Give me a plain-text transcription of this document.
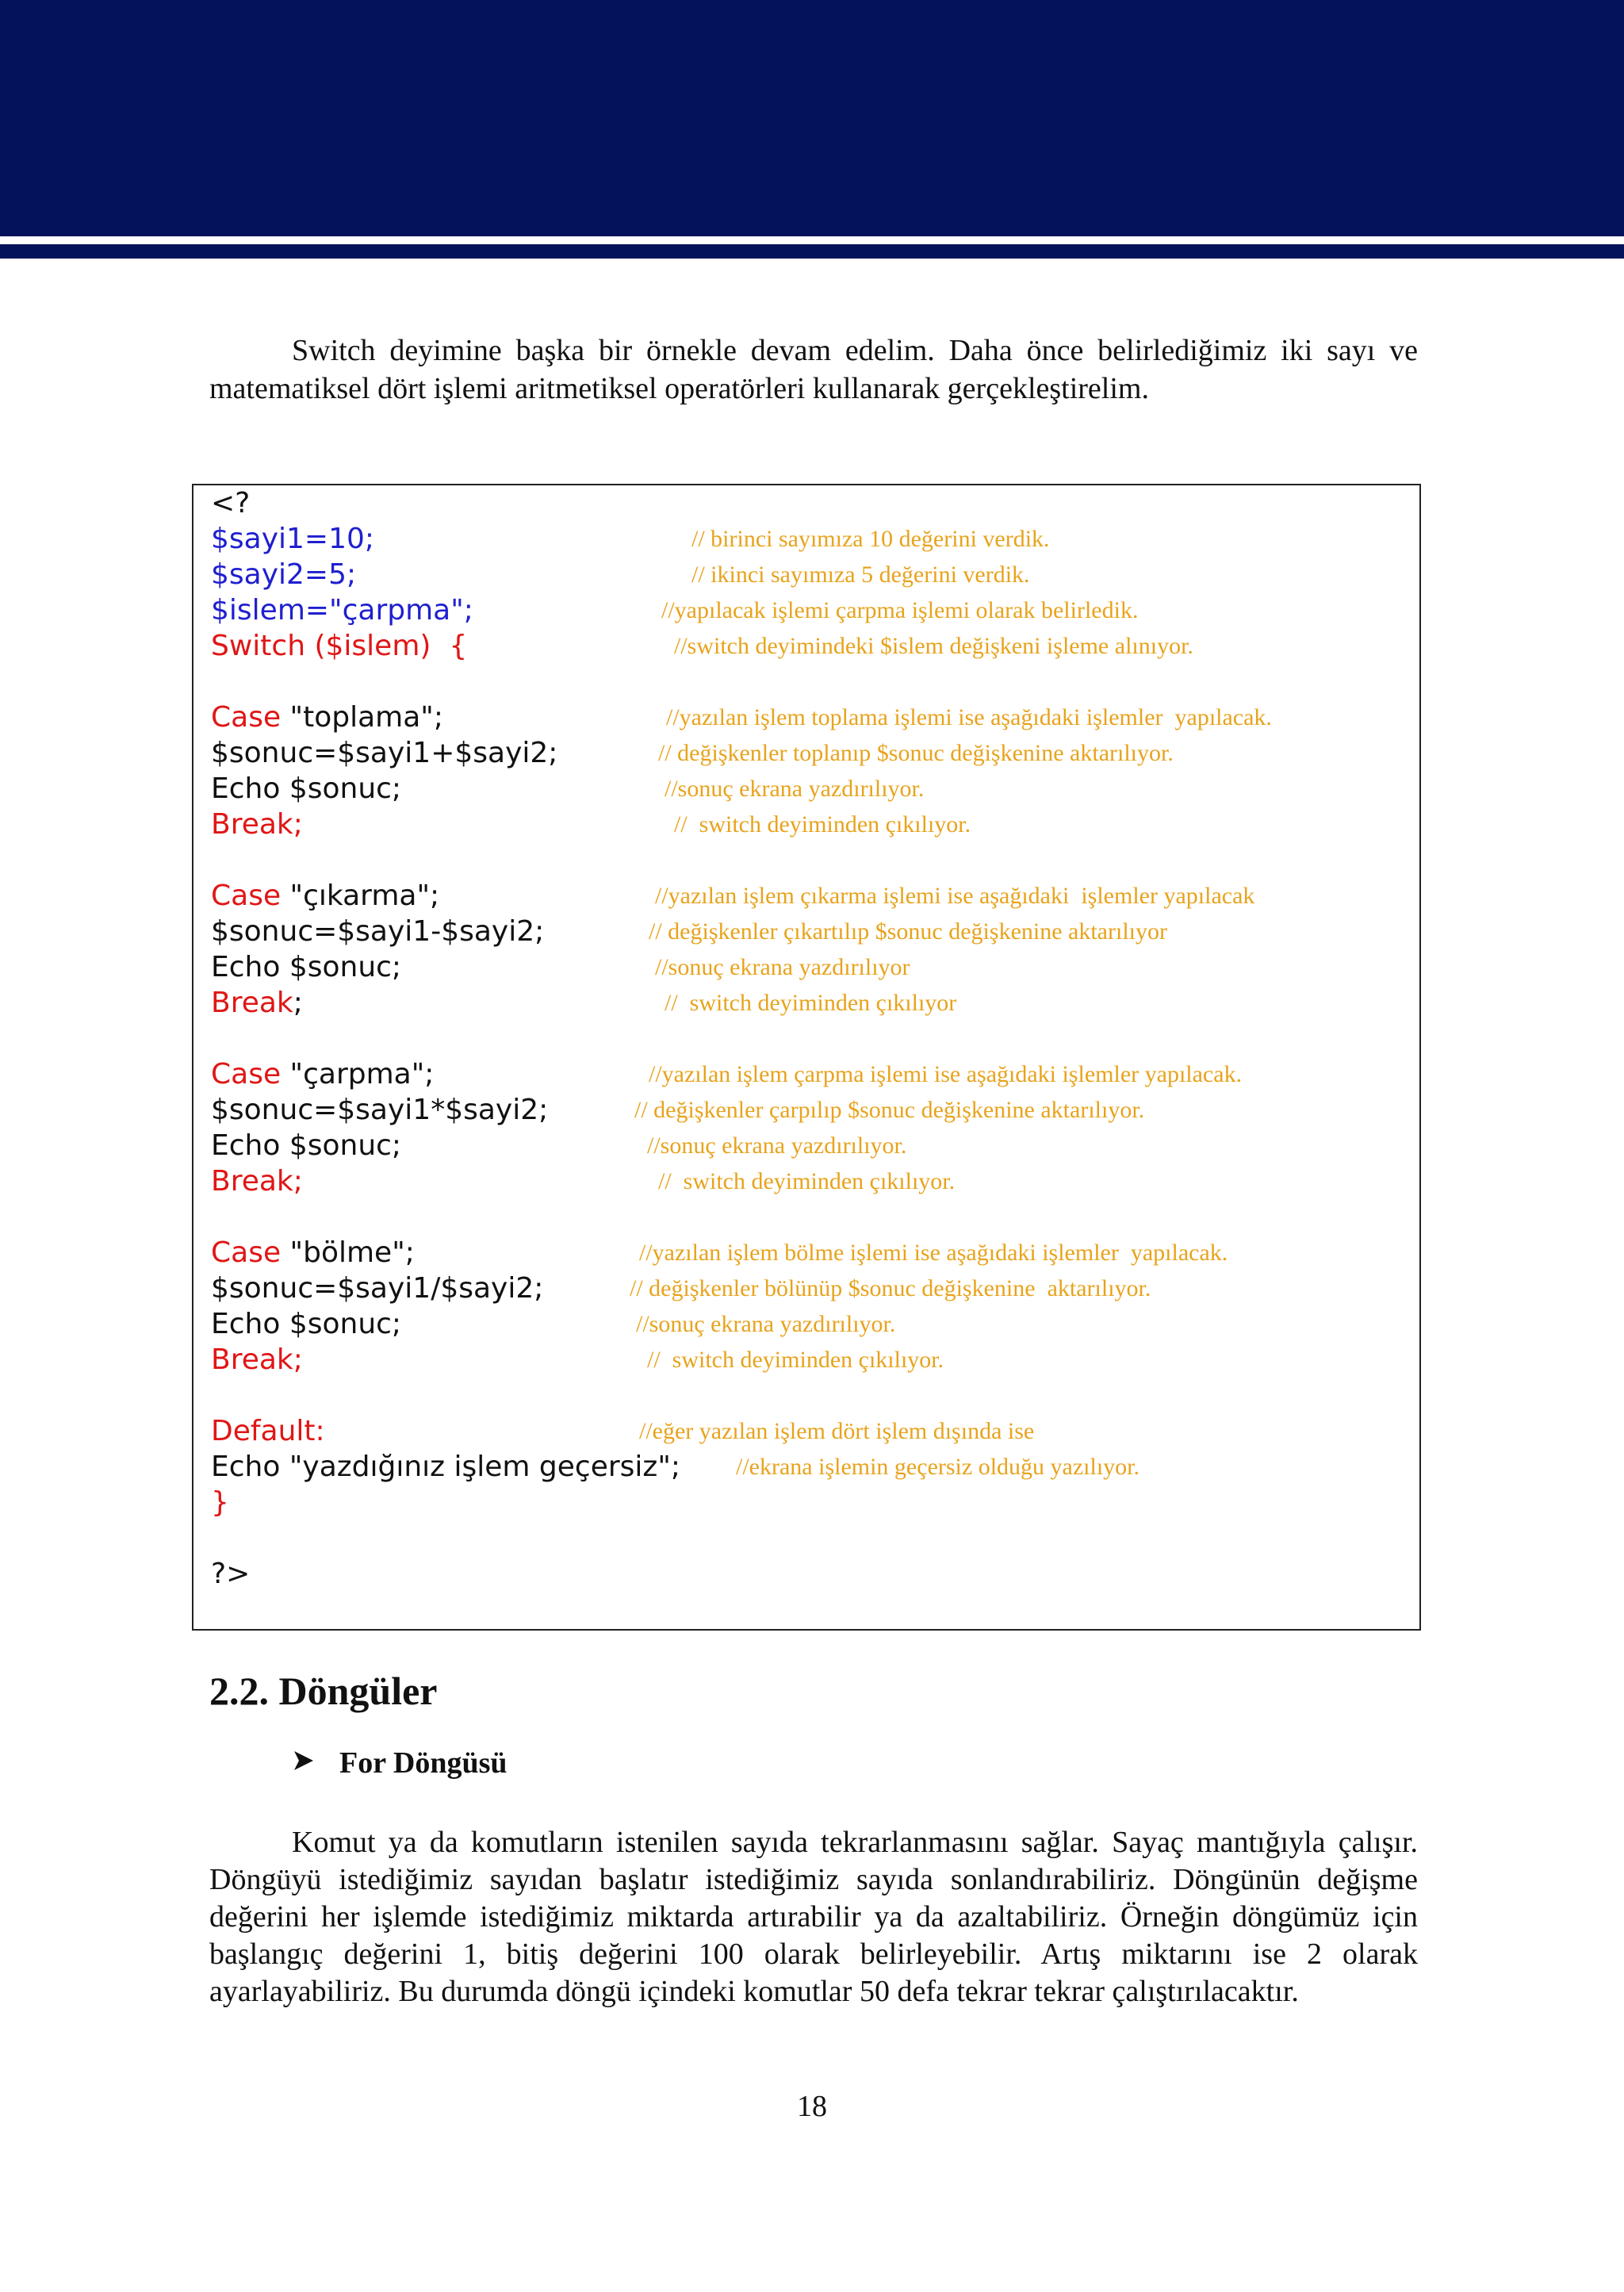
Switch deyimine başka bir örnekle devam edelim. Daha önce belirlediğimiz iki sayı ve matematiksel dört işlemi aritmetiksel operatörleri kullanarak gerçekleştirelim.

<?
$sayi1=10;	// birinci sayımıza 10 değerini verdik.
$sayi2=5;	// ikinci sayımıza 5 değerini verdik.
$islem="çarpma";	//yapılacak işlemi çarpma işlemi olarak belirledik.
Switch ($islem)  {	//switch deyimindeki $islem değişkeni işleme alınıyor.
Case "toplama";	//yazılan işlem toplama işlemi ise aşağıdaki işlemler  yapılacak.
$sonuc=$sayi1+$sayi2;	// değişkenler toplanıp $sonuc değişkenine aktarılıyor.
Echo $sonuc;	//sonuç ekrana yazdırılıyor.
Break;	//  switch deyiminden çıkılıyor.
Case "çıkarma";	//yazılan işlem çıkarma işlemi ise aşağıdaki  işlemler yapılacak
$sonuc=$sayi1-$sayi2;	// değişkenler çıkartılıp $sonuc değişkenine aktarılıyor
Echo $sonuc;	//sonuç ekrana yazdırılıyor
Break;	//  switch deyiminden çıkılıyor
Case "çarpma";	//yazılan işlem çarpma işlemi ise aşağıdaki işlemler yapılacak.
$sonuc=$sayi1*$sayi2;	// değişkenler çarpılıp $sonuc değişkenine aktarılıyor.
Echo $sonuc;	//sonuç ekrana yazdırılıyor.
Break;	//  switch deyiminden çıkılıyor.
Case "bölme";	//yazılan işlem bölme işlemi ise aşağıdaki işlemler  yapılacak.
$sonuc=$sayi1/$sayi2;	// değişkenler bölünüp $sonuc değişkenine  aktarılıyor.
Echo $sonuc;	//sonuç ekrana yazdırılıyor.
Break;	//  switch deyiminden çıkılıyor.
Default:	//eğer yazılan işlem dört işlem dışında ise
Echo "yazdığınız işlem geçersiz"; //ekrana işlemin geçersiz olduğu yazılıyor.
}
?>
2.2. Döngüler
For Döngüsü

Komut ya da komutların istenilen sayıda tekrarlanmasını sağlar. Sayaç mantığıyla çalışır. Döngüyü istediğimiz sayıdan başlatır istediğimiz sayıda sonlandırabiliriz. Döngünün değişme değerini her işlemde istediğimiz miktarda artırabilir ya da azaltabiliriz. Örneğin döngümüz için başlangıç değerini 1, bitiş değerini 100 olarak belirleyebilir. Artış miktarını ise 2 olarak ayarlayabiliriz. Bu durumda döngü içindeki komutlar 50 defa tekrar tekrar çalıştırılacaktır.

18
